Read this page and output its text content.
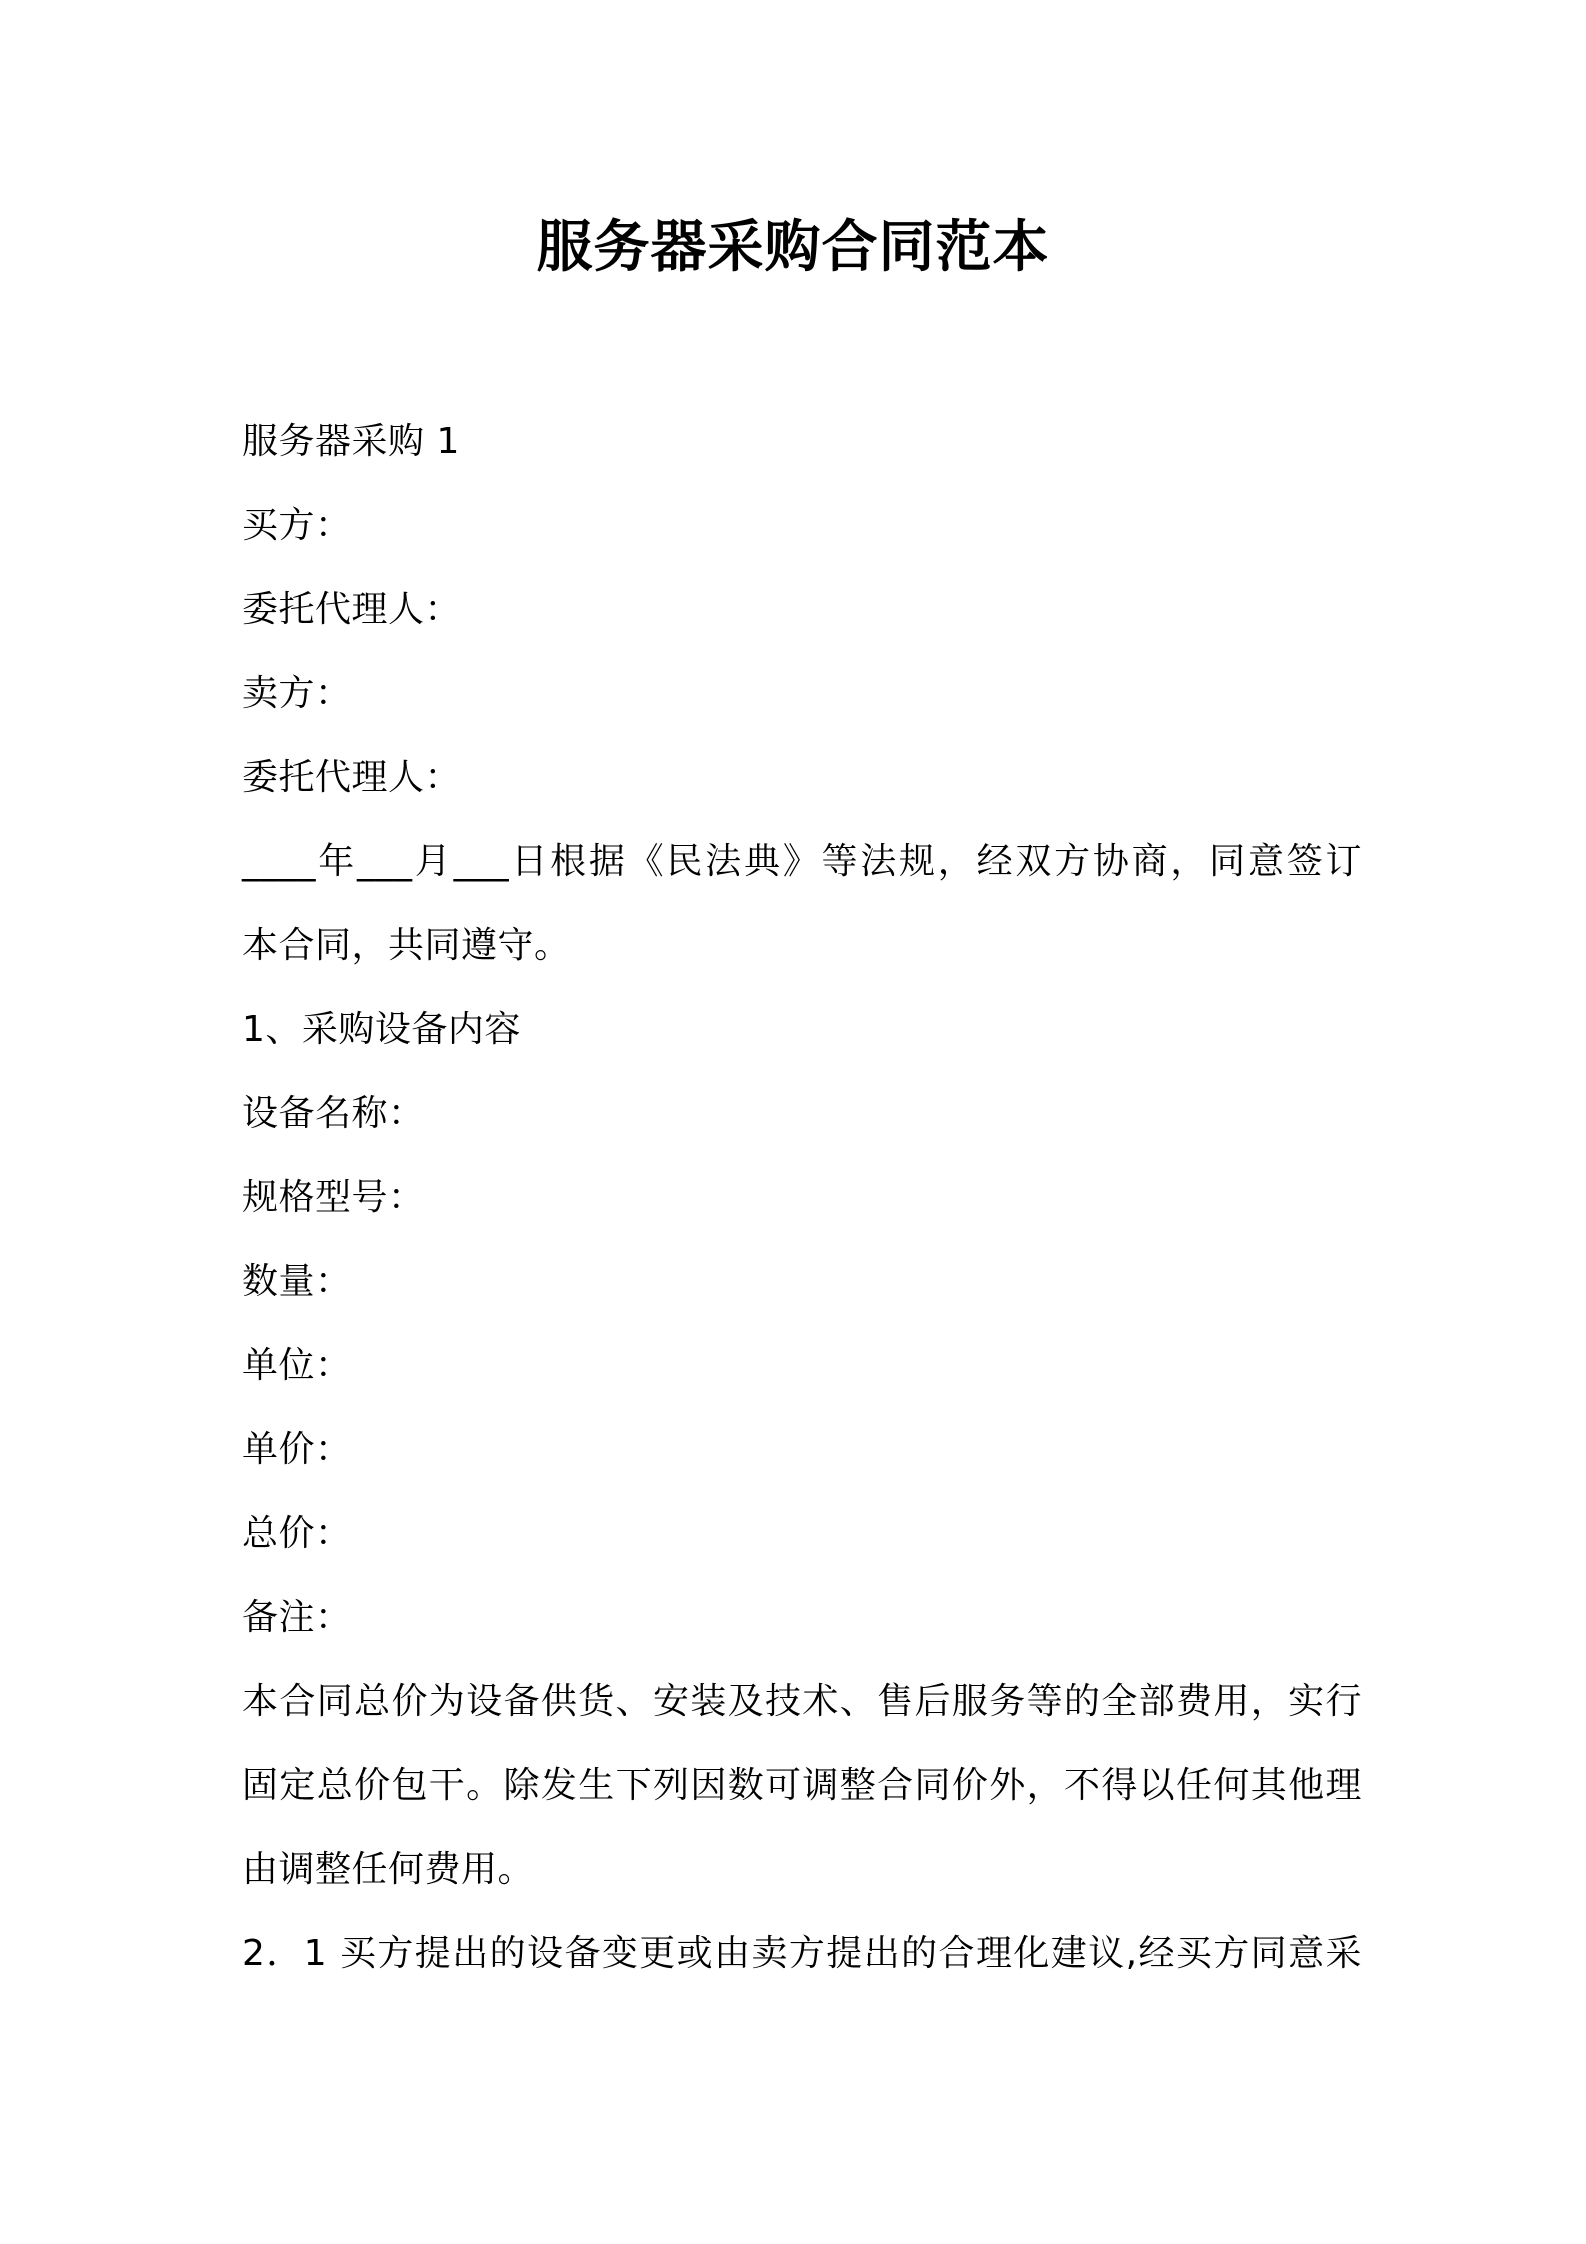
服务器采购合同范本
服务器采购 1
买方：
委托代理人：
卖方：
委托代理人：
____年___月___日根据《民法典》等法规，经双方协商，同意签订
本合同，共同遵守。
1、采购设备内容
设备名称：
规格型号：
数量：
单位：
单价：
总价：
备注：
本合同总价为设备供货、安装及技术、售后服务等的全部费用，实行
固定总价包干。除发生下列因数可调整合同价外，不得以任何其他理
由调整任何费用。
2．1 买方提出的设备变更或由卖方提出的合理化建议,经买方同意采
